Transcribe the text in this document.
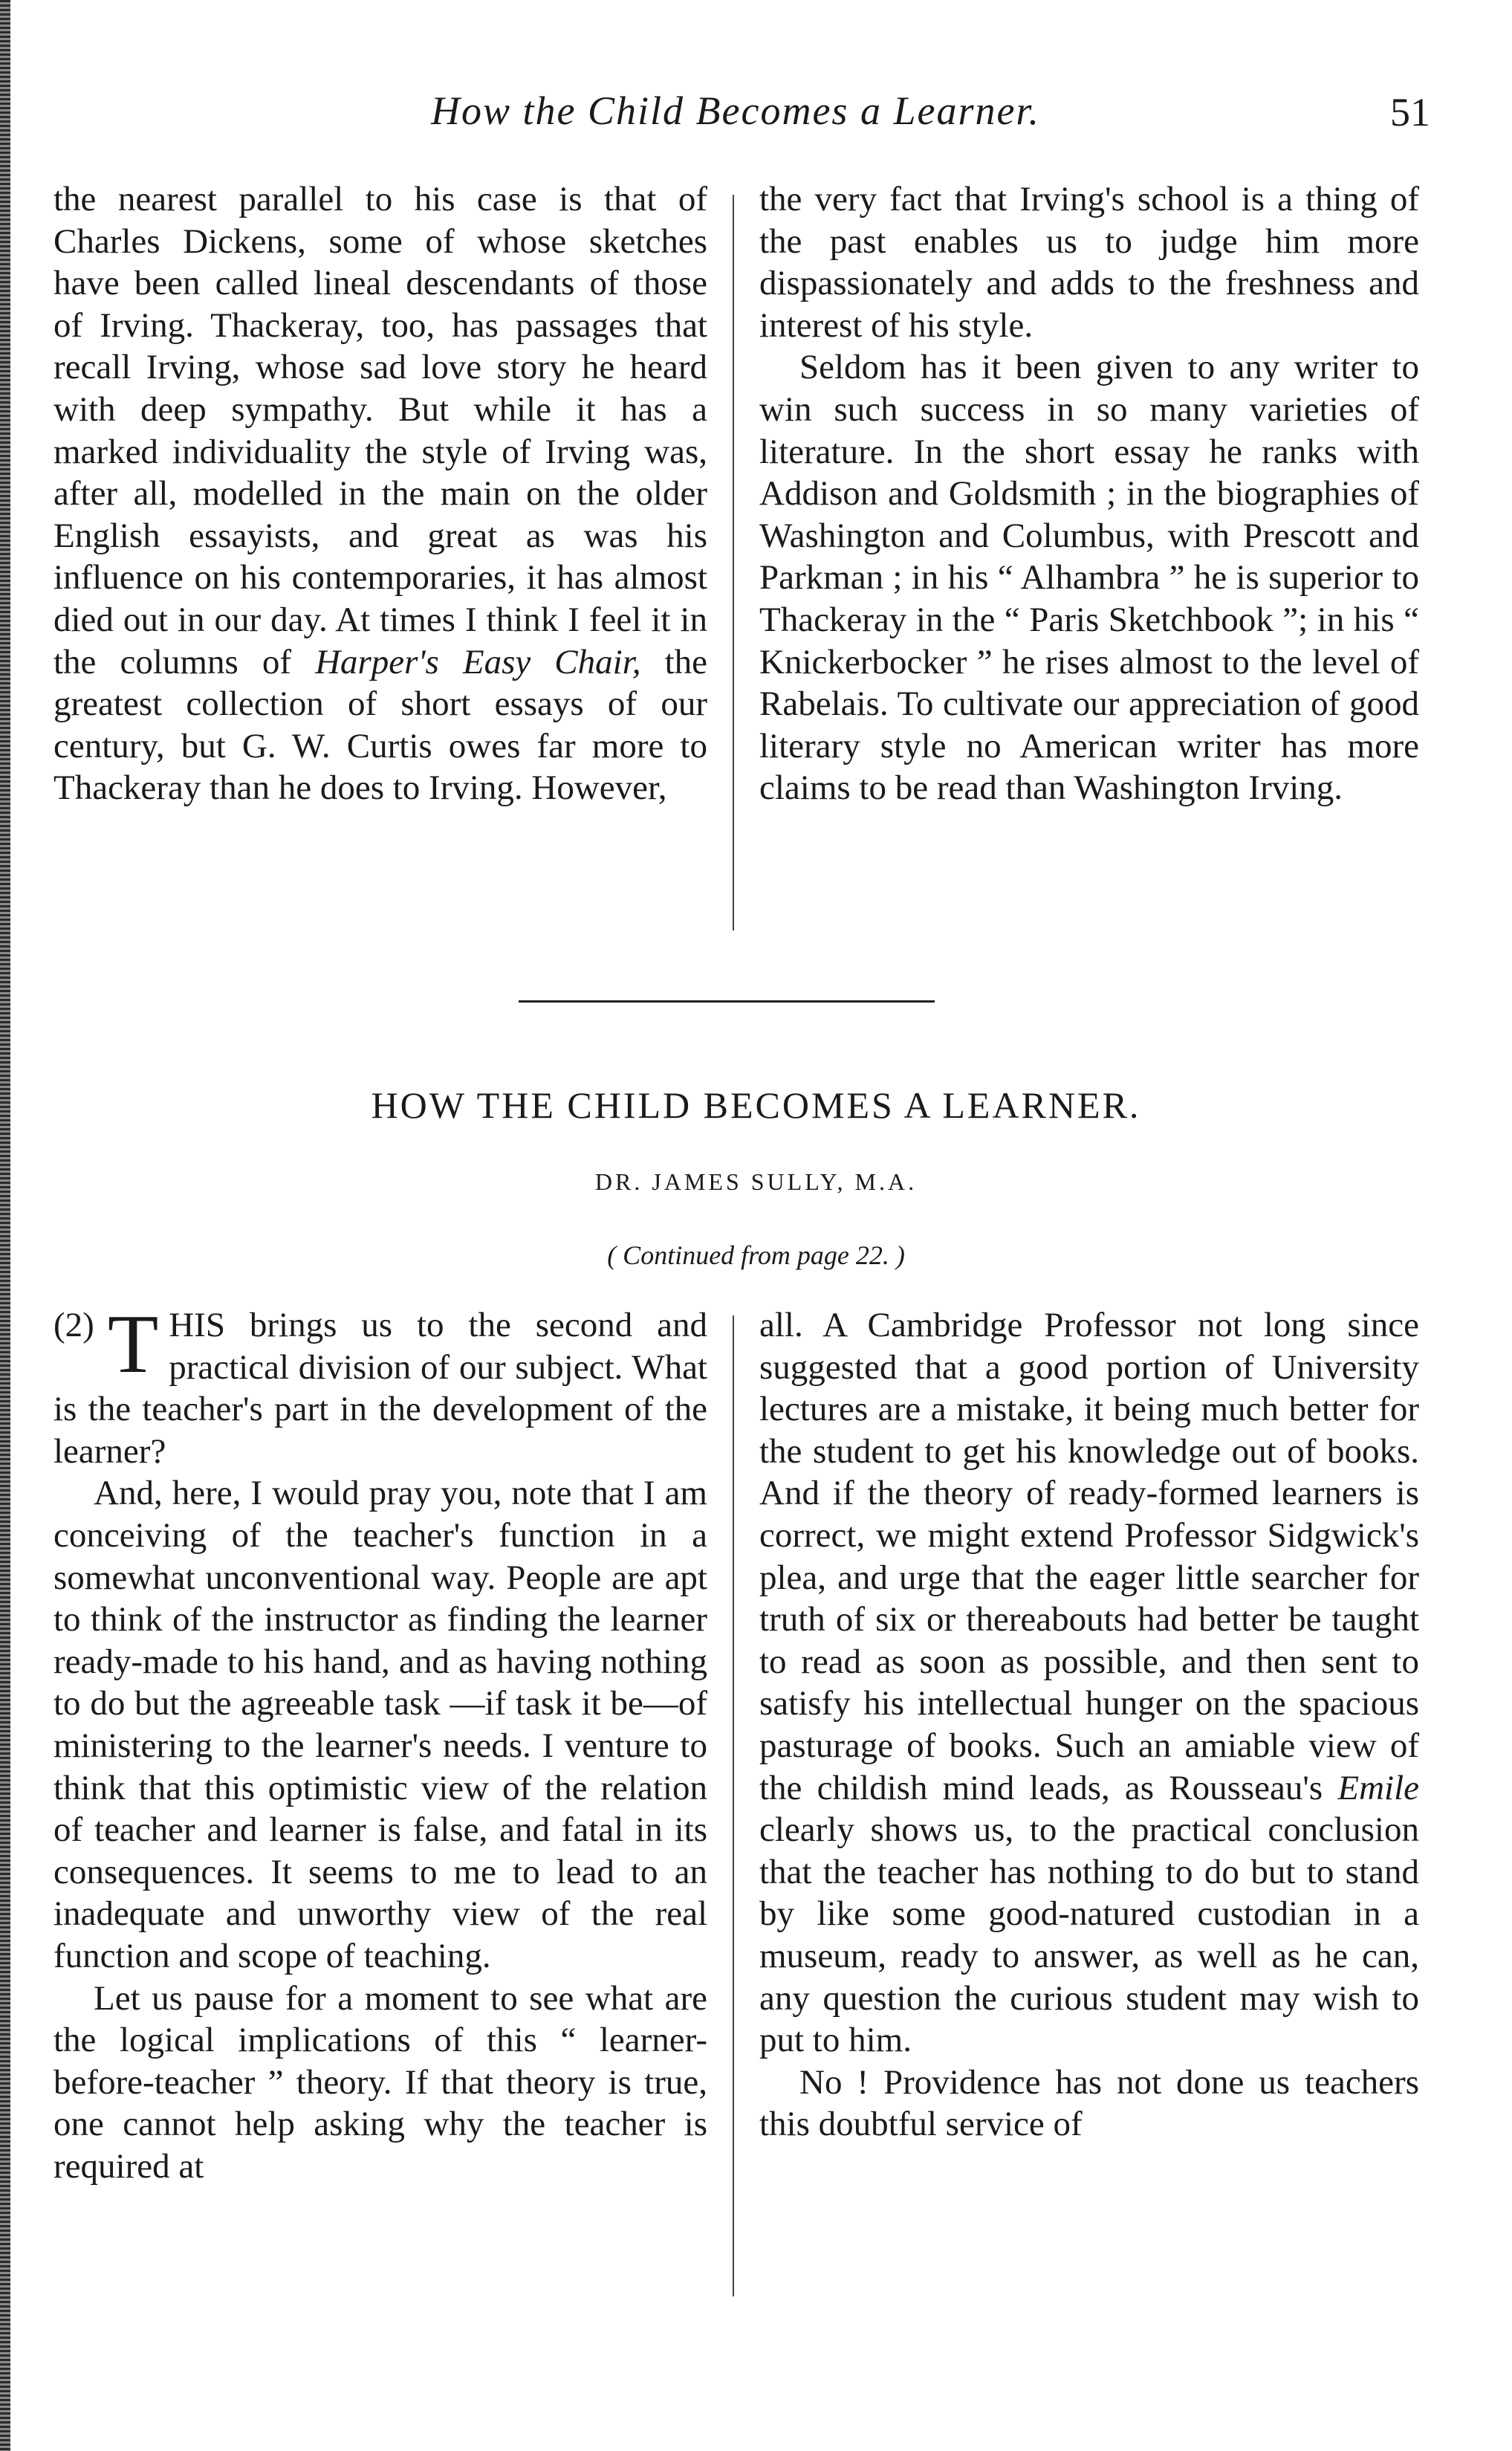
How the Child Becomes a Learner.	51

the nearest parallel to his case is that of Charles Dickens, some of whose sketches have been called lineal descendants of those of Irving. Thackeray, too, has passages that recall Irving, whose sad love story he heard with deep sympathy. But while it has a marked individuality the style of Irving was, after all, modelled in the main on the older English essayists, and great as was his influence on his contemporaries, it has almost died out in our day. At times I think I feel it in the columns of Harper's Easy Chair, the greatest collection of short essays of our century, but G. W. Curtis owes far more to Thackeray than he does to Irving. However,

the very fact that Irving's school is a thing of the past enables us to judge him more dispassionately and adds to the freshness and interest of his style.

Seldom has it been given to any writer to win such success in so many varieties of literature. In the short essay he ranks with Addison and Goldsmith ; in the biographies of Washington and Columbus, with Prescott and Parkman ; in his “ Alhambra ” he is superior to Thackeray in the “ Paris Sketchbook ”; in his “ Knickerbocker ” he rises almost to the level of Rabelais. To cultivate our appreciation of good literary style no American writer has more claims to be read than Washington Irving.

HOW THE CHILD BECOMES A LEARNER.
DR. JAMES SULLY, M.A.
( Continued from page 22. )

(2) T HIS brings us to the second and practical division of our subject. What is the teacher's part in the development of the learner?

And, here, I would pray you, note that I am conceiving of the teacher's function in a somewhat unconventional way. People are apt to think of the instructor as finding the learner ready-made to his hand, and as having nothing to do but the agreeable task —if task it be—of ministering to the learner's needs. I venture to think that this optimistic view of the relation of teacher and learner is false, and fatal in its consequences. It seems to me to lead to an inadequate and unworthy view of the real function and scope of teaching.

Let us pause for a moment to see what are the logical implications of this “ learner-before-teacher ” theory. If that theory is true, one cannot help asking why the teacher is required at

all. A Cambridge Professor not long since suggested that a good portion of University lectures are a mistake, it being much better for the student to get his knowledge out of books. And if the theory of ready-formed learners is correct, we might extend Professor Sidgwick's plea, and urge that the eager little searcher for truth of six or thereabouts had better be taught to read as soon as possible, and then sent to satisfy his intellectual hunger on the spacious pasturage of books. Such an amiable view of the childish mind leads, as Rousseau's Emile clearly shows us, to the practical conclusion that the teacher has nothing to do but to stand by like some good-natured custodian in a museum, ready to answer, as well as he can, any question the curious student may wish to put to him.

No ! Providence has not done us teachers this doubtful service of
